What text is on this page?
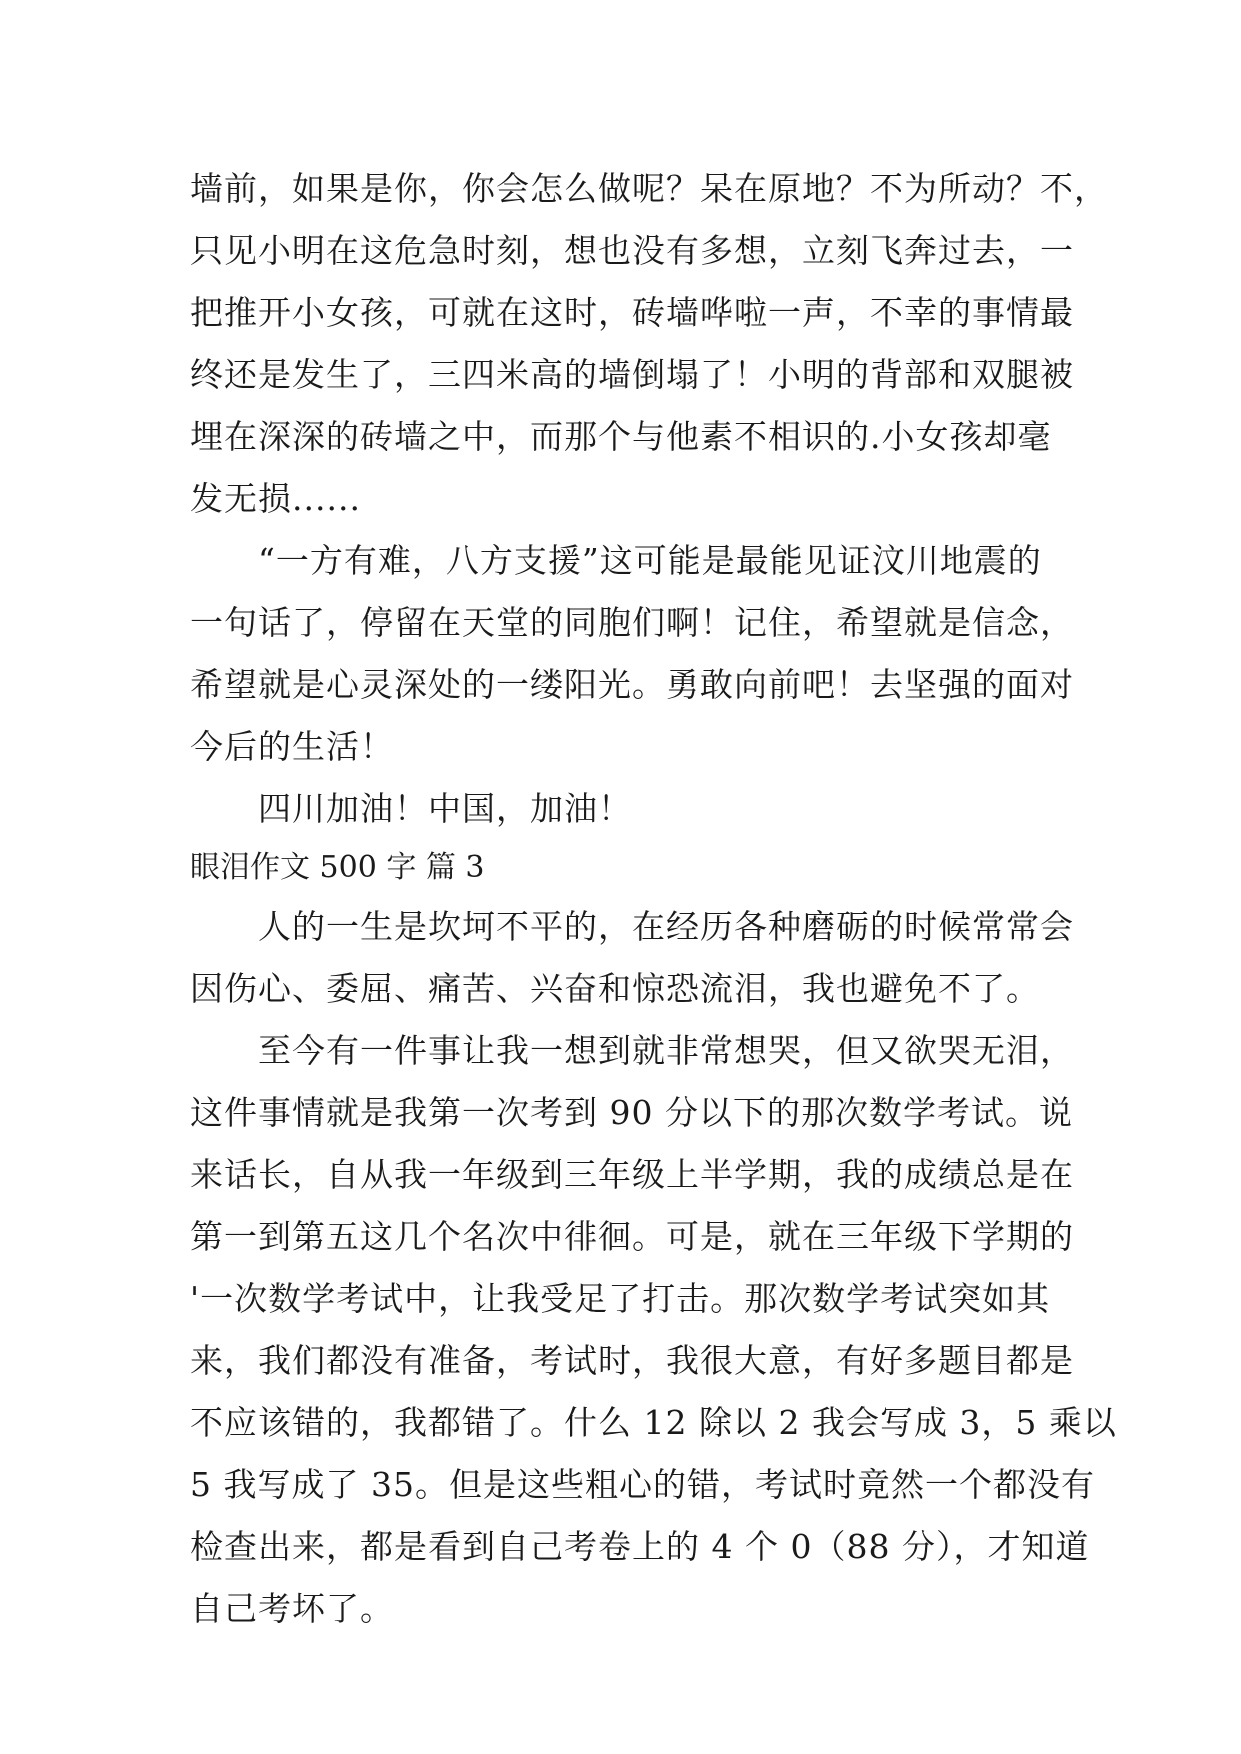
墙前，如果是你，你会怎么做呢？呆在原地？不为所动？不，
只见小明在这危急时刻，想也没有多想，立刻飞奔过去，一
把推开小女孩，可就在这时，砖墙哗啦一声，不幸的事情最
终还是发生了，三四米高的墙倒塌了！小明的背部和双腿被
埋在深深的砖墙之中，而那个与他素不相识的.小女孩却毫
发无损......
“一方有难，八方支援”这可能是最能见证汶川地震的
一句话了，停留在天堂的同胞们啊！记住，希望就是信念，
希望就是心灵深处的一缕阳光。勇敢向前吧！去坚强的面对
今后的生活！
四川加油！中国，加油！
眼泪作文 500 字 篇 3
人的一生是坎坷不平的，在经历各种磨砺的时候常常会
因伤心、委屈、痛苦、兴奋和惊恐流泪，我也避免不了。
至今有一件事让我一想到就非常想哭，但又欲哭无泪，
这件事情就是我第一次考到 90 分以下的那次数学考试。说
来话长，自从我一年级到三年级上半学期，我的成绩总是在
第一到第五这几个名次中徘徊。可是，就在三年级下学期的
'一次数学考试中，让我受足了打击。那次数学考试突如其
来，我们都没有准备，考试时，我很大意，有好多题目都是
不应该错的，我都错了。什么 12 除以 2 我会写成 3，5 乘以
5 我写成了 35。但是这些粗心的错，考试时竟然一个都没有
检查出来，都是看到自己考卷上的 4 个 0（88 分），才知道
自己考坏了。
